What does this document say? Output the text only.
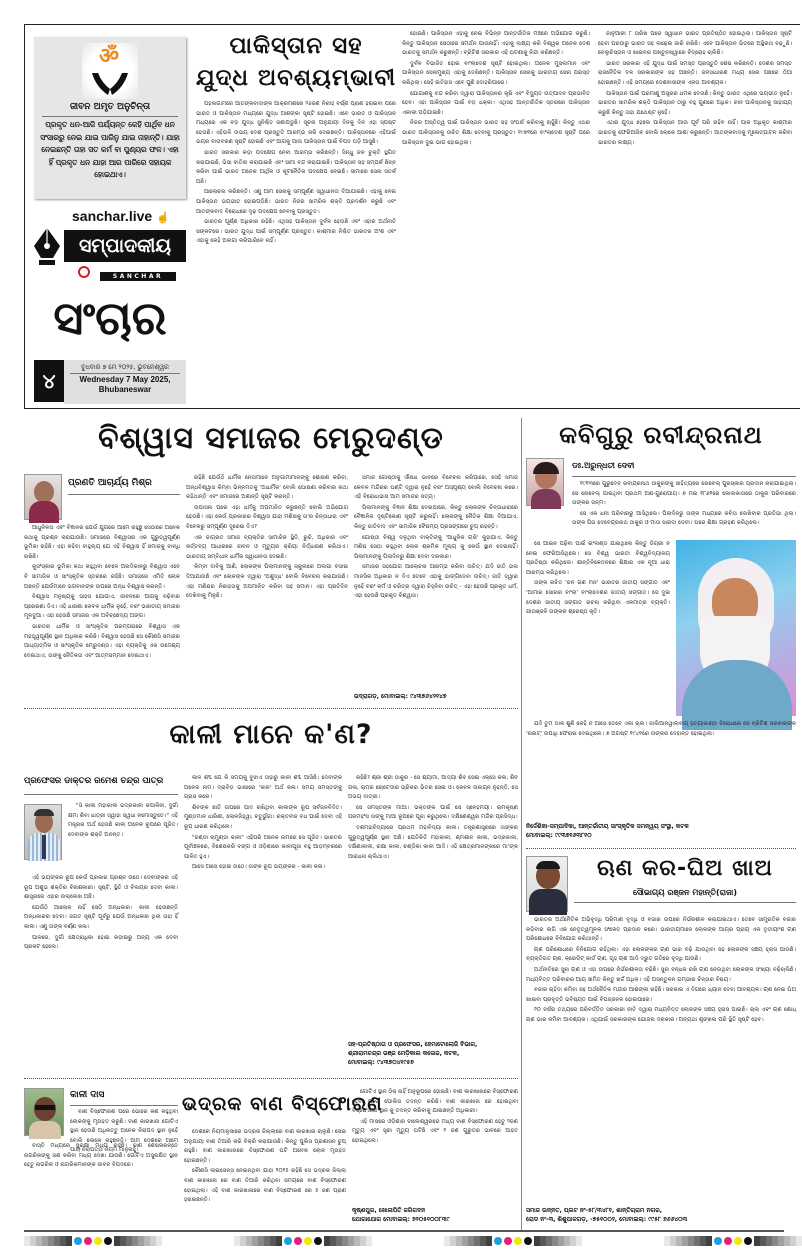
ॐ
ଜୀବନ ଅମୃତ ଅନୁଚିନ୍ତା
ପ୍ରକୃତ ଧନ-ଆଜି ପର୍ଯ୍ୟନ୍ତ କେହି ପାର୍ଥିବ ଧନ ସଂସାରରୁ ନେଇ ଯାଇ ପାରିନୁ ଯାଇ ନାହାନ୍ତି। ଯାହା ନେଇଛନ୍ତି ତାହା ସତ କର୍ମ ବା ପୁଣ୍ୟର ଫଳ। ଏହା ହିଁ ପ୍ରକୃତ ଧନ ଯାହା ଆର ପାରିରେ ସହାୟକ ହୋଇଥାଏ।
sanchar.live ☝
ସମ୍ପାଦକୀୟ
SANCHAR
ସଂଚାର
୪
ବୁଧବାର ୭ ମେ ୨୦୨୫, ଭୁବନେଶ୍ୱର
Wednesday 7 May 2025,
Bhubaneswar
ପାକିସ୍ତାନ ସହ
ଯୁଦ୍ଧ ଅବଶ୍ୟମ୍ଭାବୀ

ପହଲଗାମରେ ଆତଙ୍କବାଦୀଙ୍କ ଆକ୍ରମଣରେ ୨୬ଜଣ ନିରୀହ ବର୍ଷ୍ଣ ପ୍ରାଣ ହରାଇବା ପରେ ଭାରତ ଓ ପାକିସ୍ତାନ ମଧ୍ୟରେ ଯୁଦ୍ଧ ଆଶଙ୍କା ସୃଷ୍ଟି ହୋଇଛି। ଏବେ ଭାରତ ଓ ପାକିସ୍ତାନ ମଧ୍ୟରେ ଏକ ବଡ଼ ଯୁଦ୍ଧ ସୁନିଶ୍ଚିତ ଜଣାପଡୁଛି। ସୂଚନା ଅନୁଯାୟୀ ଦିନକୁ ଦିନ ଏହା ସ୍ପଷ୍ଟ ହେଉଛି। ଏହିଭଳି ଉଭୟ ଦେଶ ପ୍ରସ୍ତୁତି ଆରମ୍ଭ କରି ଦେଇଛନ୍ତି। ପାକିସ୍ତାନରେ ଏହିପାଇଁ ଭୟର ବାତାବରଣ ସୃଷ୍ଟି ହୋଇଛି ଏବଂ ଆଗକୁ ଆଉ ପାକିସ୍ତାନ ପାଇଁ ବିପଦ ଘଡ଼ି ଆସୁଛି।

ଭାରତ ସରକାର କଡ଼ା ପଦକ୍ଷେପ ନେବା ଆରମ୍ଭ କରିଛନ୍ତି। ସିନ୍ଧୁ ଜଳ ଚୁକ୍ତି ସ୍ଥଗିତ କରାଯାଇଛି, ଭିସା ବାତିଲ କରାଯାଇଛି ଏବଂ ସୀମା ବନ୍ଦ କରାଯାଇଛି। ପାକିସ୍ତାନ ସହ ସମ୍ପର୍କ ଛିନ୍ନ କରିବା ପାଇଁ ଭାରତ ଅନେକ ଆର୍ଥିକ ଓ କୂଟନୈତିକ ପଦକ୍ଷେପ ନେଇଛି। ସୀମାରେ ସେନା ସତର୍କ ଅଛି।

ଆଲୋଚନା କରିଛନ୍ତି। ଏଣୁ ଆମ ସେନାକୁ ସମ୍ପୂର୍ଣ୍ଣ ସ୍ୱାଧୀନତା ଦିଆଯାଇଛି। ଏହାକୁ ନେଇ ପାକିସ୍ତାନ ଭୟଭୀତ ହୋଇପଡ଼ିଛି। ଭାରତ ନିଜର ସାମରିକ ଶକ୍ତି ପ୍ରଦର୍ଶନ କରୁଛି ଏବଂ ଆତଙ୍କବାଦ ବିରୋଧରେ ଦୃଢ଼ ପଦକ୍ଷେପ ନେବାକୁ ପ୍ରସ୍ତୁତ।

ଭାରତର ପୂର୍ଣ୍ଣ ଅଧିକାର ରହିଛି। ଏଥିସହ ପାକିସ୍ତାନ ଦୁର୍ବଳ ହେଉଛି ଏବଂ ଏହାର ଅର୍ଥନୀତି ସଙ୍କଟରେ। ଭାରତ ଯୁଦ୍ଧ ପାଇଁ ସମ୍ପୂର୍ଣ୍ଣ ପ୍ରସ୍ତୁତ। କାଶ୍ମୀର ନିଶ୍ଚିତ ଭାରତର ଅଂଶ ଏବଂ ଏହାକୁ କେହି ଅଲଗା କରିପାରିବେ ନାହିଁ।

ହୋଇଛି। ପାକିସ୍ତାନ ଏହାକୁ ନେଇ ବିଭିନ୍ନ ଆନ୍ତର୍ଜାତିକ ମଞ୍ଚରେ ଅଭିଯୋଗ କରୁଛି। କିନ୍ତୁ ପାକିସ୍ତାନ ସେଠାରେ ସମର୍ଥନ ପାଉନାହିଁ। ଏହାକୁ ଲକ୍ଷ୍ୟ କରି ବିଶ୍ୱର ଅନେକ ଦେଶ ଭାରତକୁ ସମର୍ଥନ କରୁଛନ୍ତି। ବ୍ରିଟିଶ ସରକାର ଏହି ଘଟଣାକୁ ନିନ୍ଦା କରିଛନ୍ତି।

ଦୁର୍ବଳ ବିଭାଜିତ ହୋଇ ବାଂଲାଦେଶ ସୃଷ୍ଟି ହୋଇଥିଲା। ଅନେକ ମୁସଲମାନ ଏବଂ ପାକିସ୍ତାନ ସେନାମୁଖ୍ୟ ଏହାକୁ ଦେଖିଛନ୍ତି। ପାକିସ୍ତାନ ସେନାକୁ ଭାରତୀୟ ସେନା ପରାସ୍ତ କରିଥିଲା। ସେହି ଇତିହାସ ଏବେ ପୁଣି ଦୋହରିପାରେ।

ଯୋଗାଣକୁ ବନ୍ଦ କରିବା ଦ୍ୱାରା ପାକିସ୍ତାନର କୃଷି ଏବଂ ବିଦ୍ୟୁତ ଉତ୍ପାଦନ ପ୍ରଭାବିତ ହେବ। ଏହା ପାକିସ୍ତାନ ପାଇଁ ବଡ଼ ଧକ୍କା। ଏଥିସହ ଆନ୍ତର୍ଜାତିକ ସ୍ତରରେ ପାକିସ୍ତାନ ଏକାକୀ ପଡ଼ିଯାଇଛି।

ନିଜର ଅସ୍ତିତ୍ୱ ପାଇଁ ପାକିସ୍ତାନ ଭାରତ ସହ ସଂଘର୍ଷ କରିବାକୁ ଚାହୁଁଛି। କିନ୍ତୁ ଏଥର ଭାରତ ପାକିସ୍ତାନକୁ ଉଚିତ ଶିକ୍ଷା ଦେବାକୁ ପ୍ରସ୍ତୁତ। ୧୯୭୧ରେ ବାଂଲାଦେଶ ସୃଷ୍ଟି ପରେ ପାକିସ୍ତାନ ଦୁଇ ଭାଗ ହୋଇଥିଲା।

ଜାନୁଆରୀ ୮ ତାରିଖ ପରେ ସ୍ୱାଧୀନ ଭାରତ ପ୍ରତିଷ୍ଠିତ ହୋଇଥିଲା। ପାକିସ୍ତାନ ସୃଷ୍ଟି ହେବା ପରଠାରୁ ଭାରତ ସହ ଲଢ଼େଇ ଜାରି ରଖିଛି। ଏବେ ପାକିସ୍ତାନ ଭିତରେ ଅସ୍ଥିରତା ବଢ଼ୁଛି। ବେଲୁଚିସ୍ତାନ ଓ ଖାଇବର ପଖତୁନଖ୍ୱାରେ ବିଦ୍ରୋହ ଚାଲିଛି।

ଭାରତ ସରକାର ଏହି ଯୁଦ୍ଧ ପାଇଁ ସମସ୍ତ ପ୍ରସ୍ତୁତି ଶେଷ କରିଛନ୍ତି। ଦେଶର ସମସ୍ତ ରାଜନୈତିକ ଦଳ ସରକାରଙ୍କ ସହ ଅଛନ୍ତି। ଜନସାଧାରଣ ମଧ୍ୟ ସେନା ପଛରେ ଠିଆ ହୋଇଛନ୍ତି। ଏହି ସମୟରେ ଦେଶବାସୀଙ୍କ ଏକତା ଆବଶ୍ୟକ।

ପାକିସ୍ତାନ ପାଇଁ ପରମାଣୁ ଅସ୍ତ୍ରର ଧମକ ଦେଉଛି। କିନ୍ତୁ ଭାରତ ଏଥିରେ ଭୟଭୀତ ନୁହେଁ। ଭାରତର ସାମରିକ ଶକ୍ତି ପାକିସ୍ତାନ ଠାରୁ ବହୁ ଗୁଣରେ ଅଧିକ। ଚୀନ ପାକିସ୍ତାନକୁ ସାହାଯ୍ୟ କରୁଛି କିନ୍ତୁ ତାହା ଯଥେଷ୍ଟ ନୁହେଁ।

ଏଥର ଯୁଦ୍ଧ ହେଲେ ପାକିସ୍ତାନ ଆଉ ପୂର୍ବ ପରି ରହିବ ନାହିଁ। ପାକ ଅଧିକୃତ କାଶ୍ମୀର ଭାରତକୁ ଫେରିଆସିବ ବୋଲି ଲୋକେ ଆଶା କରୁଛନ୍ତି। ଆତଙ୍କବାଦକୁ ମୂଳୋତ୍ପାଟନ କରିବା ଭାରତର ଲକ୍ଷ୍ୟ।

ବିଶ୍ୱାସ ସମାଜର ମେରୁଦଣ୍ଡ
ପ୍ରଣତି ଆଚାର୍ଯ୍ୟ ମିଶ୍ର

ଆଧୁନିକତା ଏବଂ ବିଜ୍ଞାନର ଯେଉଁ ଯୁଗରେ ଆମେ ରହୁଛୁ ସେଠାରେ ଅନେକ କଥାକୁ ପ୍ରଶ୍ନ କରାଯାଉଛି। ସମାଜରେ ବିଶ୍ୱାସର ଏକ ଗୁରୁତ୍ୱପୂର୍ଣ୍ଣ ଭୂମିକା ରହିଛି। ଏହା କହିବା ବାହୁଲ୍ୟ ଯେ ଏହି ବିଶ୍ୱାସ ହିଁ ସମାଜକୁ ବାନ୍ଧି ରଖିଛି।

କୁସଂସ୍କାର ଭୂମିକା କଥା କହୁଥିବା ବେଳେ ଅନାଦିକାଳରୁ ବିଶ୍ୱାସ ଏବେ ବି ସାମାଜିକ ଓ ସାଂସ୍କୃତିକ ସ୍ତରରେ ରହିଛି। ସମାଜରେ ଏମିତି ଲୋକ ଅଛନ୍ତି ଯେଉଁମାନେ ଭଗବାନଙ୍କ ଉପରେ ଅନ୍ଧ ବିଶ୍ୱାସ କରନ୍ତି।

ବିଶ୍ୱାସ ମନୁଷ୍ୟକୁ ସାହସ ଯୋଗାଏ, ଜୀବନରେ ଆଗକୁ ବଢ଼ିବାର ପ୍ରେରଣା ଦିଏ। ଏହି ଧାରଣା କେବଳ ଧାର୍ମିକ ନୁହେଁ, ବରଂ ଭାରତୀୟ ସମାଜର ମୂଳଦୁଆ। ଏହା ହେଉଛି ସମାଜର ଏକ ଅବିଚ୍ଛେଦ୍ୟ ଅଙ୍ଗ।

ଭାରତର ଧାର୍ମିକ ଓ ସାଂସ୍କୃତିକ ପରମ୍ପରାରେ ବିଶ୍ୱାସ ଏକ ମହତ୍ତ୍ୱପୂର୍ଣ୍ଣ ସ୍ଥାନ ଅଧିକାର କରିଛି। ବିଶ୍ୱାସ ହେଉଛି ସେ କୌଣସି ସମାଜର ଆଧ୍ୟାତ୍ମିକ ଓ ସାଂସ୍କୃତିକ ମେରୁଦଣ୍ଡ। ଏହା ବ୍ୟକ୍ତିକୁ ଏକ ଉଦ୍ଦେଶ୍ୟ ଦେଇଥାଏ, ତାଙ୍କୁ ନୈତିକତା ଏବଂ ଆତ୍ମସମ୍ମାନ ଦେଇଥାଏ।

ରହିଛି ଯେଉଁଠି ଧାର୍ମିକ ନେତାମାନେ ଅନୁଗାମୀମାନଙ୍କୁ ଶୋଷଣ କରିବା, ଅନ୍ଧବିଶ୍ୱାସ କିମ୍ବା ଭିନ୍ନମତକୁ 'ଅଧାର୍ମିକ' ବୋଲି ଘୋଷଣା କରିବାର କଥା କହିଥାନ୍ତି ଏବଂ ସମାଜରେ ଅଶାନ୍ତି ସୃଷ୍ଟି କରନ୍ତି।

ଉପାସନା ପରେ ଏହା ଧର୍ମକୁ ଅପମାନିତ କରୁଛନ୍ତି ବୋଲି ଅଭିଯୋଗ ହେଉଛି। ଏହା କେଉଁ ପ୍ରକାରର ବିଶ୍ୱାସ ଯାହା ମଣିଷକୁ ତା'ର ଚିନ୍ତାଧାରା ଏବଂ ବିବେକରୁ ସମ୍ପୂର୍ଣ୍ଣ ଦୂରେଇ ଦିଏ?

ଏକ ଜାଗ୍ରତ ସମାଜ ବ୍ୟକ୍ତିର ସାମାଜିକ ସ୍ଥିତି, ରୁଚି, ଅଧିକାର ଏବଂ କର୍ତ୍ତବ୍ୟ ଆଧାରରେ ଜୀବନ ଓ ମୃତ୍ୟୁର କ୍ରିୟା ନିର୍ଦ୍ଧାରଣ କରିଥାଏ। ଭାରତୀୟ ସମ୍ବିଧାନ ଧାର୍ମିକ ସ୍ୱାଧୀନତା ଦେଇଛି।

କିମ୍ବା ଦାବିକୁ ଆଣି, ଲୋକଙ୍କ ପିଲାମାନଙ୍କୁ ସ୍କୁଲରେ ଅଲଗା ବସାଇ ଦିଆଯାଉଛି ଏବଂ ଲୋକଙ୍କ ଦ୍ୱାରା 'ଅଶୁଦ୍ଧ' ବୋଲି ବିବେଚନା କରାଯାଉଛି। ଏହା ମଣିଷର ନିରୀହତାକୁ ଅପମାନିତ କରିବା ସହ ସମାନ। ଏହା ପ୍ରତିଦିନ ଦେଖିବାକୁ ମିଳୁଛି।

ସମାଜ ଗୋଷ୍ଠୀକୁ ଔଷଧ ଭାବରେ ବିବେଚନା କରିପାରେ, ସେହି ସମାଜ କେବଳ ମନ୍ଦିରର ଘଣ୍ଟି ଦ୍ୱାରା ନୁହେଁ ବରଂ ଅସ୍ପୃଶ୍ୟ ବୋଲି ବିବେଚନା କରେ। ଏହି ବିରୋଧାଭାସ ଆମ ସମାଜର ସତ୍ୟ।

ପିଲାମାନଙ୍କୁ ବିଜ୍ଞାନ ଶିକ୍ଷା ଦେଇପାରେ, କିନ୍ତୁ ଲୋକଙ୍କ ଚିନ୍ତାଧାରାରେ ବୈଜ୍ଞାନିକ ଦୃଷ୍ଟିକୋଣ ସୃଷ୍ଟି କରୁନାହିଁ। ଲୋକଙ୍କୁ ନୈତିକ ଶିକ୍ଷା ଦିଆଯାଏ, କିନ୍ତୁ ଜାତିବାଦ ଏବଂ ସାମାଜିକ ବୈଷମ୍ୟ ପ୍ରସଙ୍ଗରେ ଚୁପ୍ ରହନ୍ତି।

ଗୋଷ୍ଠୀ ବିଶ୍ୱ ଦଳୁଥିବା ବାକ୍ତିଙ୍କୁ 'ଆଧୁନିକ ଋଷି' କୁହାଯାଏ, କିନ୍ତୁ ମଣିଷ ସେଠା କହୁଥିବା ଲୋକ ଶ୍ରମିକ ମୂଲ୍ୟ କୁ କେଉଁ ସ୍ଥାନ ଦେଇନାହିଁ। ପିଲାମାନଙ୍କୁ ପିଲାଦିନରୁ ଶିକ୍ଷା ଦେବା ଦରକାର।

ସମାଜର ସହଯୋଗ ଆଲୋଚନା ଆରମ୍ଭ କରିବା ଉଚିତ୍। ଯଦି ଜାତି ଭଲ ମାନସିକ ଅଧିକାର ନ ଦିଏ ତେବେ ଏହାକୁ ଭାଙ୍ଗିଦେବା ଉଚିତ୍। ଜାତି ଦ୍ୱାରା ନୁହେଁ ବରଂ କର୍ମ ଓ ଚରିତ୍ର ଦ୍ୱାରା ଚିହ୍ନିବା ଉଚିତ୍ - ଏହା ହେଉଛି ପ୍ରକୃତ ଧର୍ମ, ଏହା ହେଉଛି ପ୍ରକୃତ ବିଶ୍ୱାସ।

ଭଦ୍ରାଗଡ଼, ମୋବାଇଲ୍: ୯୪୩୭୬୪୨୧୪୭
କବିଗୁରୁ ରବୀନ୍ଦ୍ରନାଥ
ଡଃ.ଅରୁନ୍ଧତୀ ଦେବୀ

୧୯୧୩ରେ ଗୁରୁଦେବ ରବୀନ୍ଦ୍ରନାଥ ଠାକୁରଙ୍କୁ ସାହିତ୍ୟରେ ନୋବେଲ୍ ପୁରସ୍କାର ପ୍ରଦାନ କରାଯାଇଥିଲା। ସେ ନୋବେଲ୍ ପାଇଥିବା ପ୍ରଥମ ଅଣ-ୟୁରୋପୀୟ। ୭ ମଇ ୧୮୬୧ରେ କୋଲକାତାରେ ଠାକୁର ପରିବାରରେ ତାଙ୍କର ଜନ୍ମ।

ସେ ଏକ ଧନୀ ପରିବାରରୁ ଆସିଥିଲେ। ପିଲାଦିନରୁ ତାଙ୍କ ମଧ୍ୟରେ କବିତା ଲେଖିବାର ପ୍ରତିଭା ଥିଲା। ତାଙ୍କ ପିତା ଦେବେନ୍ଦ୍ରନାଥ ଠାକୁର ଓ ମାତା ସାରଦା ଦେବୀ। ଘରେ ଶିକ୍ଷା ଗ୍ରହଣ କରିଥିଲେ।

ସେ ଆଇନ ପଢ଼ିବା ପାଇଁ ଇଂଲଣ୍ଡ ଯାଇଥିଲେ କିନ୍ତୁ ଡିଗ୍ରୀ ନ ନେଇ ଫେରିଆସିଥିଲେ। ସେ ବିଶ୍ୱ ଭାରତୀ ବିଶ୍ୱବିଦ୍ୟାଳୟ ପ୍ରତିଷ୍ଠା କରିଥିଲେ। ଶାନ୍ତିନିକେତନରେ ଶିକ୍ଷାର ଏକ ନୂଆ ଧାରା ଆରମ୍ଭ କରିଥିଲେ।

ତାଙ୍କ ରଚିତ 'ଜନ ଗଣ ମନ' ଭାରତର ଜାତୀୟ ସଙ୍ଗୀତ ଏବଂ 'ଆମାର ସୋନାର ବାଂଲା' ବାଂଲାଦେଶର ଜାତୀୟ ସଙ୍ଗୀତ। ସେ ଦୁଇ ଦେଶର ଜାତୀୟ ସଙ୍ଗୀତ ରଚନା କରିଥିବା ଏକମାତ୍ର ବ୍ୟକ୍ତି। ଗୀତାଞ୍ଜଳି ତାଙ୍କର ଶ୍ରେଷ୍ଠ କୃତି।

ଯଦି ତୁମ ଡାକ ଶୁଣି କେହି ନ ଆସେ ତେବେ ଏକା ଚାଲ। ଜାଲିଆନୱାଲାବାଗ୍ ହତ୍ୟାକାଣ୍ଡ ବିରୋଧରେ ସେ ବ୍ରିଟିଶ ସରକାରଙ୍କ 'ନାଇଟ୍' ଉପାଧି ଫେରାଇ ଦେଇଥିଲେ। ୭ ଅଗଷ୍ଟ ୧୯୪୧ରେ ତାଙ୍କର ଦେହାନ୍ତ ହୋଇଥିଲା।

ନିର୍ଦ୍ଦେଶିକା-ସମ୍ପାଦିକା, ଆନ୍ତର୍ଜାତୀୟ ସାଂସ୍କୃତିକ ସମନ୍ୱୟ ସଂସ୍ଥା, କଟକ
ମୋବାଇଲ୍: ୯୯୩୭୧୬୩୮୧୦
କାଳୀ ମାନେ କ'ଣ?
ପ୍ରଫେସର ଡାକ୍ତର ରମେଶ ଚନ୍ଦ୍ର ପାତ୍ର

"ଓଁ କାଳୀ ମହାକାଳୀ ଭଦ୍ରକାଳୀ କପାଳିନୀ, ଦୁର୍ଗା କ୍ଷମା ଶିବା ଧାତ୍ରୀ ସ୍ୱାହା ସ୍ୱଧା ନମୋସ୍ତୁତେ।" ଏହି ମନ୍ତ୍ରର ଅର୍ଥ ହେଉଛି କାଳୀ ଅନେକ ରୂପରେ ପୂଜିତ। ଦେବୀଙ୍କ ଶକ୍ତି ଅନନ୍ତ।

ଏହି ଭୟଙ୍କର ରୂପ କେଉଁ ପ୍ରକାର ପ୍ରଶ୍ନ ଉଠେ। ଦେବୀଙ୍କର ଏହି ରୂପ ଅଶୁଭ ଶକ୍ତିର ବିନାଶକାରୀ। ସୃଷ୍ଟି, ସ୍ଥିତି ଓ ବିଲୟର ଦେବୀ କାଳୀ। ଶାସ୍ତ୍ରରେ ଏହାର ଉଲ୍ଲେଖ ଅଛି।

ଯେଉଁଠି ଆଲୋକ ନାହିଁ ସେଠି ଅନ୍ଧକାର। କାଳୀ ହେଉଛନ୍ତି ଅନ୍ଧକାରର ଦେବୀ। ଜଗତ ସୃଷ୍ଟି ପୂର୍ବରୁ ଯେଉଁ ଅନ୍ଧକାର ଥିଲା ତାହା ହିଁ କାଳୀ। ଏଣୁ ତାଙ୍କ ବର୍ଣ୍ଣ କଳା।

ପାଳରେ, ଦୁର୍ଗା କ୍ଷେତ୍ରାଧିକା ହୋଇ କଡ଼ାଇରୁ ଅନ୍ୟ ଏକ ଦେବୀ ପ୍ରକଟ ହେଲେ।

କାଳ ଶବ୍ଦ ଯେ କି ସମୟକୁ ବୁଝାଏ ତାହାରୁ କାଳୀ ଶବ୍ଦ ଆସିଛି। ଦେବୀଙ୍କ ଅନେକ ନାମ। ଦ୍ରାବିଡ଼ ଭାଷାରେ 'କାଳ' ଅର୍ଥ କଳା। ସମୟ ସମସ୍ତଙ୍କୁ ଗ୍ରାସ କରେ।

ଶିବଙ୍କ ଛାତି ଉପରେ ପାଦ ରଖିଥିବା କାଳୀଙ୍କ ରୂପ ସର୍ବଜନବିଦିତ। ମୁଣ୍ଡମାଳ ଧାରିଣୀ, ଲୋଳଜିହ୍ୱା, ଚତୁର୍ଭୁଜା। ରକ୍ତବୀଜ ବଧ ପାଇଁ ଦେବୀ ଏହି ରୂପ ଧାରଣ କରିଥିଲେ।

"ଚଣ୍ଡୀ ଚାମୁଣ୍ଡା କାଳୀ" ଏହିପରି ଅନେକ ନାମରେ ସେ ପୂଜିତ। ଭାରତର ପୂର୍ବାଞ୍ଚଳରେ, ବିଶେଷକରି ବଙ୍ଗ ଓ ଓଡ଼ିଶାରେ କାଳୀପୂଜା ବହୁ ଆଡ଼ମ୍ବରରେ ପାଳିତ ହୁଏ।

ଆସେ ଆସେ ହୋଇ ଉଠେ। ତାଙ୍କ ରୂପ ଭୟଙ୍କର - କାଳୀ କଳା।

କହିଛି? ଶ୍ରୀ ଶ୍ରୀ ଠାକୁର - ସେ ଶ୍ୟାମା, ଆଦ୍ୟା ଶିବ ସେଇ ଏକ୍ସେ କଳା, ଶିବ ଗଳା, ରାମର ଚୋଟେଦୀର ଭ୍ରିକର ଭିତର ସେଇ ଓ। କେବଳ ଉଲଗ୍ନ ନୁହନ୍ତି, ସେ ଅଭୟ ଦାତ୍ରୀ।

ସେ ସମସ୍ତଙ୍କ ମାଆ। ଭକ୍ତଙ୍କ ପାଇଁ ସେ ସ୍ନେହମୟୀ। ରାମକୃଷ୍ଣ ପରମହଂସ ତାଙ୍କୁ ମାଆ ରୂପରେ ପୂଜା କରୁଥିଲେ। ଦକ୍ଷିଣେଶ୍ୱର ମନ୍ଦିର ପ୍ରସିଦ୍ଧ।

ଦଶମହାବିଦ୍ୟାରେ ପ୍ରଥମ ମହାବିଦ୍ୟା କାଳୀ। ତନ୍ତ୍ରଶାସ୍ତ୍ରରେ ତାଙ୍କର ଗୁରୁତ୍ୱପୂର୍ଣ୍ଣ ସ୍ଥାନ ଅଛି। ଯେତିକିତି ମହାକାଳୀ, ଶ୍ମଶାନ କାଳୀ, ଭଦ୍ରକାଳୀ, ଦକ୍ଷିଣାକାଳୀ, ରକ୍ଷା କାଳୀ, ଚଣ୍ଡିକା କାଳୀ ଆଦି। ଏହି କ୍ଷେତ୍ରମାନଙ୍କରେ ମା'ଙ୍କ ଆରାଧନା ଚାଲିଥାଏ।

ସହ-ପ୍ରତିଷ୍ଠାତା ଓ ପ୍ରଫେସର, ହେମାଟୋଲୋଜି ବିଭାଗ,
ଶ୍ରୀରାମଚନ୍ଦ୍ର ଭଞ୍ଜ ମେଡ଼ିକାଲ କଲେଜ, କଟକ,
ମୋବାଇଲ୍: ୯୪୩୭୦୪୧୯୫୭
ଋଣ କର-ଘିଅ ଖାଅ
ସୌଭାଗ୍ୟ ରଞ୍ଜନ ମହାନ୍ତି(ରାଜା)

ଭାରତର ଅର୍ଥନୈତିକ ଅଭିବୃଦ୍ଧି ପରିମାଣ ବୃଦ୍ଧି ଓ ବଜାର ଉପରେ ନିର୍ଭରଶୀଳ କରାଯାଇଥାଏ। ତେବେ ସାମ୍ପ୍ରତିକ ବଜାର କଡ଼ିବାର ଲାଗି ଏକ ନେତୃତ୍ୱମୂଳକ ସଂକେତ ପ୍ରଦାନ କରେ। ଭାରତୀୟମାନେ ଲୋକଙ୍କ ଆୟର ପ୍ରାୟ ଏକ ତୃତୀୟାଂଶ ଋଣ ପରିଶୋଧରେ ବିନିଯୋଗ କରିଥାନ୍ତି।

ଋଣ ପରିଶୋଧରେ ବିନିଯୋଗ ରହିଥିଲା। ଏହା ଲୋକଙ୍କର ଋଣ ଭାର ବଢ଼ି ଯାଉଥିବା ସହ ଲୋକଙ୍କ ସଞ୍ଚୟ ହ୍ରାସ ପାଉଛି। ବ୍ୟକ୍ତିଗତ ଋଣ, କ୍ରେଡିଟ୍ କାର୍ଡ ଋଣ, ଗୃହ ଋଣ ଆଦି ଦ୍ରୁତ ଗତିରେ ବୃଦ୍ଧି ପାଉଛି।

ଅର୍ଥନୀତିରେ ସୁନା ଋଣ ଓ ଏହା ଉପରେ ନିର୍ଭରଶୀଳତା ବଢ଼ିଛି। ସୁନା ବନ୍ଧକ ରଖି ଋଣ ନେଉଥିବା ଲୋକଙ୍କ ସଂଖ୍ୟା ବଢ଼ିଚାଲିଛି। ମଧ୍ୟବିତ୍ତ ପରିବାରର ଆୟ ସୀମିତ କିନ୍ତୁ ଖର୍ଚ୍ଚ ଅଧିକ। ଏହି ଅସନ୍ତୁଳନ ଗମ୍ଭୀର ଚିନ୍ତାର ବିଷୟ।

ବଜାର ଚାହିଦା କମିବା ସହ ଅର୍ଥନୈତିକ ମନ୍ଦାର ଆଶଙ୍କା ରହିଛି। ସରକାର ଏ ଦିଗରେ ଧ୍ୟାନ ଦେବା ଆବଶ୍ୟକ। ଋଣ ନେଇ ଘିଅ ଖାଇବା ପ୍ରବୃତ୍ତି ଭବିଷ୍ୟତ ପାଇଁ ବିପଜ୍ଜନକ ହୋଇପାରେ।

୨୦ ବର୍ଷର ତଥ୍ୟରେ ପରିବର୍ତ୍ତିତ ସରକାରୀ ନୀତି ଦ୍ୱାରା ମଧ୍ୟବିତ୍ତ ଲୋକଙ୍କ ସଞ୍ଚୟ ହ୍ରାସ ପାଇଛି। ଚାଲ ଏବଂ ଋଣ ଶୋଧ୍ ଋଣ ଭାର କମିବା ଆବଶ୍ୟକ। ଏଥିପାଇଁ ସରକାରଙ୍କ ଯୋଜନା ଦରକାର। ଅନ୍ୟଥା ଶୃଙ୍ଖଳା ପରି ସ୍ଥିତି ସୃଷ୍ଟି ହେବ।

ସମାଜ ଉନ୍ନତ, ପ୍ଲଟ ନଂ-୫୮/୩୪୮୧, ଶାନ୍ତିଗ୍ରାମ ନଗର,
ରୋଡ ନଂ-୩, ଶିଶୁପାଳଗଡ଼, -୭୫୧୦୦୨, ମୋବାଇଲ୍: ୯୯୫୮ ୭୬୬୪୦୩
କାଳୀ ଦାସ

ବାଣ ବିସ୍ଫୋରଣ ପରେ ଭୋରେ କଣ କହୁଥିବା ଲୋକଙ୍କୁ ମୃତାହତ କରୁଛି। ବାଣ କାରଖାନା ଗୋଟିଏ ସ୍ଥାନ ହେଉଛି ଅଧିକତ୍ତୁ ଅନେକ ନିରାପଦ ସ୍ଥାନ ନୁହେଁ ବୋଲି ଲୋକେ କହୁଛନ୍ତି। ଆମ ଦେଶରେ ଆମେ ପାୟ ନିରାପତ୍ତା ନିୟମ ମାନୁନାହୁଁ।

ବାସ୍ତି ମଧ୍ୟରେ ସୁରକ୍ଷା ମଧ୍ୟ ରହୁଛି। ବାଣ ଶେଷକରନ୍ତେ ନାଗରିକଙ୍କୁ ଜଣ କରିବା ମଧ୍ୟ ଦେଖା ଯାଉଛି। ଗୋଟିଏ ଅସୁରକ୍ଷିତ ସ୍ଥାନ ହେତୁ ନାଗରିକ ଓ ନାଗରିକମାନଙ୍କ ଜୀବନ ବିପଦରେ।

ଭଦ୍ରକ ବାଣ ବିସ୍ଫୋରଣ

ଦେଶରେ ନିୟମାନୁସାରେ ଭଦ୍ରକ ଜିଲ୍ଲାରେ ବାଣ କାରଖାନା ଚାଲୁଛି। ସେଇ ଅନୁଯାୟୀ ବାଣ ତିଆରି କରି ବିକ୍ରି କରାଯାଉଛି। କିନ୍ତୁ ପୁଲିସ ପ୍ରଶାସନ ଚୁପ୍ ରହୁଛି। ବାଣ କାରଖାନାରେ ବିସ୍ଫୋରଣ ଘଟି ଅନେକ ଲୋକ ମୃତାହତ ହୋଇଛନ୍ତି।

କୌଣସି ଲାଇସେନ୍ସ ନେଇନଥିବା ଯାହା ୨୦୨୫ ରହିଛି ସେ ଭଦ୍ରକ ଜିଲ୍ଲା ବାଣ କାରଖାନା ରେ ବାଣ ତିଆରି କରିଥିବା ସମୟରେ ବାଣ ବିସ୍ଫୋରଣ ହୋଇଥିଲା। ଏହି ବାଣ କାରଖାନାରେ ବାଣ ବିସ୍ଫୋରଣ ରେ ୫ ଜଣ ପ୍ରାଣ ହରାଇଛନ୍ତି।

ଗୋଟିଏ ସ୍ଥାନ ଠିକ୍ ନାହିଁ ଅନୁରୂପରେ ହୋଇଛି। ବାଣ କାରଖାନାରେ ବିସ୍ଫୋରଣ ହେବା ପରେ ପୋଲିସ ତଦନ୍ତ କରିଛି। ବାଣ କାରଖାନା ରେ ହୋଇଥିବା ବିସ୍ଫୋରଣ ସ୍ଥାନ କୁ ତଦନ୍ତ କରିବାକୁ ଯାଇଛନ୍ତି ଅଧିକାରୀ।

ଏହି ମାସରେ ଓଡ଼ିଶାର ବାଲେଶ୍ୱରରେ ମଧ୍ୟ ବାଣ ବିସ୍ଫୋରଣ ହେତୁ ୨ଜଣ ମୃତ୍ୟୁ ଏବଂ ସ୍ତ୍ରୀ ମୃତ୍ୟୁ ଘଟିଛି ଏବଂ ୨ ଜଣ ଗୁରୁତର ଭାବରେ ଆହତ ହୋଇଥିଲେ।

କୃଷ୍ଣପୁର, ଖୋଳାପିତି ଜଗିଗଦନ
ଯୋଗାଯୋଗ ମୋବାଇଲ୍: ୭୨୦୫୧୦୦୮୩୯
